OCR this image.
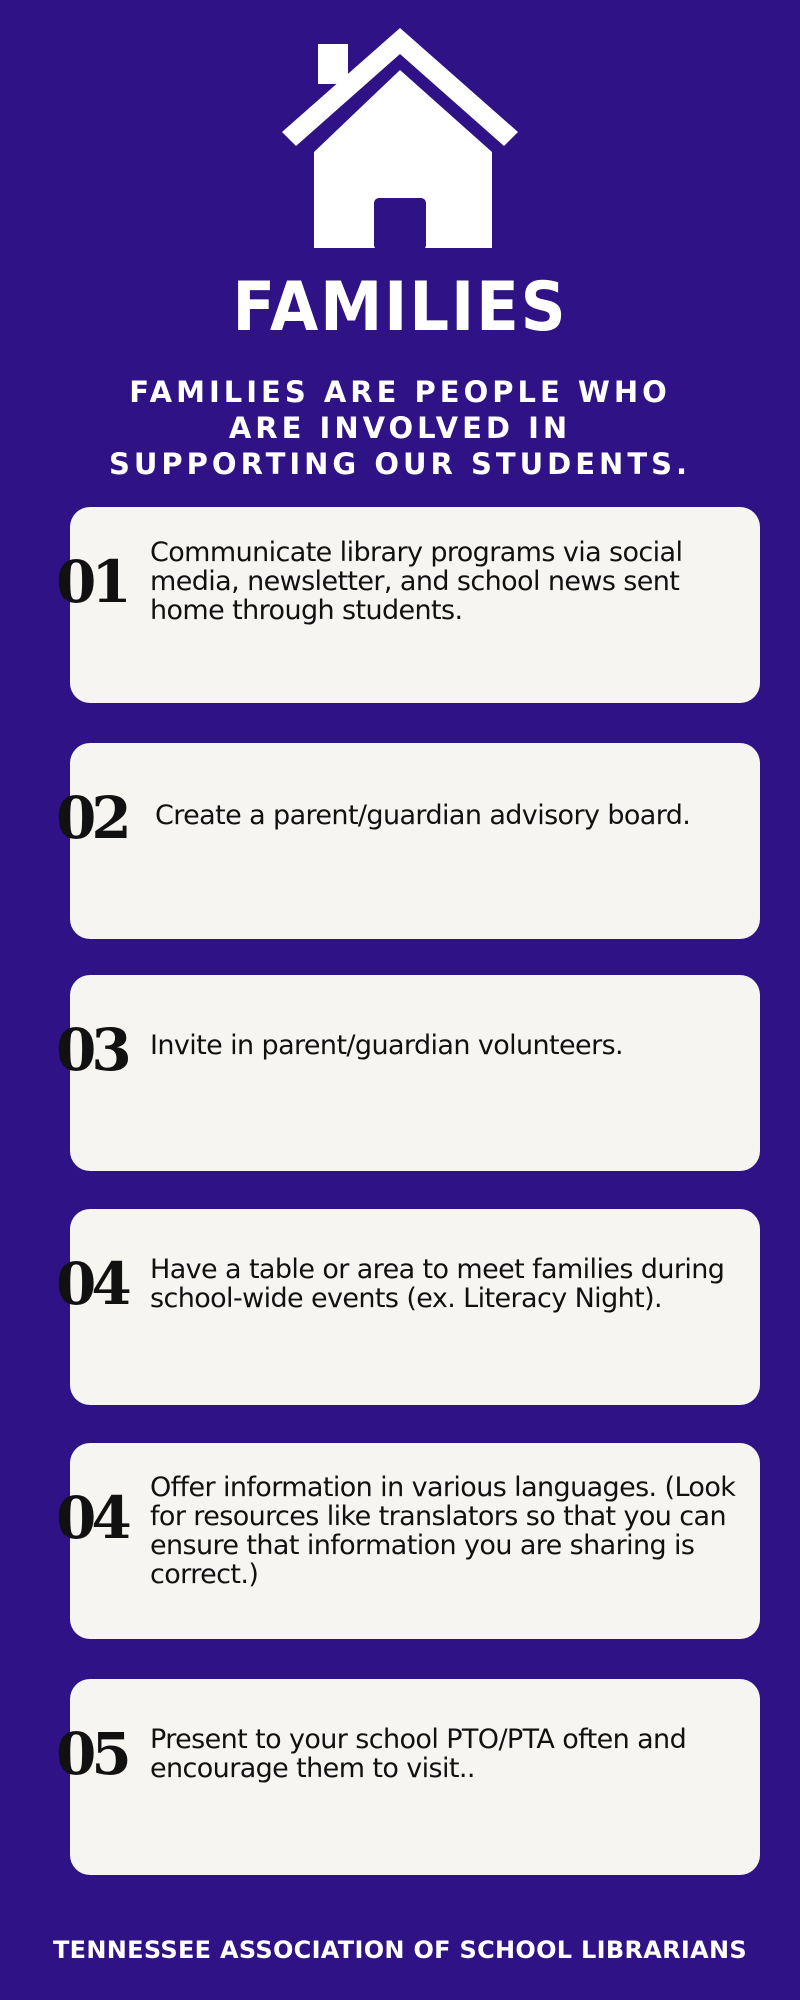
FAMILIES
FAMILIES ARE PEOPLE WHO ARE INVOLVED IN SUPPORTING OUR STUDENTS.
01 Communicate library programs via social media, newsletter, and school news sent home through students.
02	Create a parent/guardian advisory board.
03 Invite in parent/guardian volunteers.
04 Have a table or area to meet families during school-wide events (ex. Literacy Night).
04 Offer information in various languages. (Look for resources like translators so that you can ensure that information you are sharing is correct.)
05 Present to your school PTO/PTA often and encourage them to visit..
TENNESSEE ASSOCIATION OF SCHOOL LIBRARIANS
